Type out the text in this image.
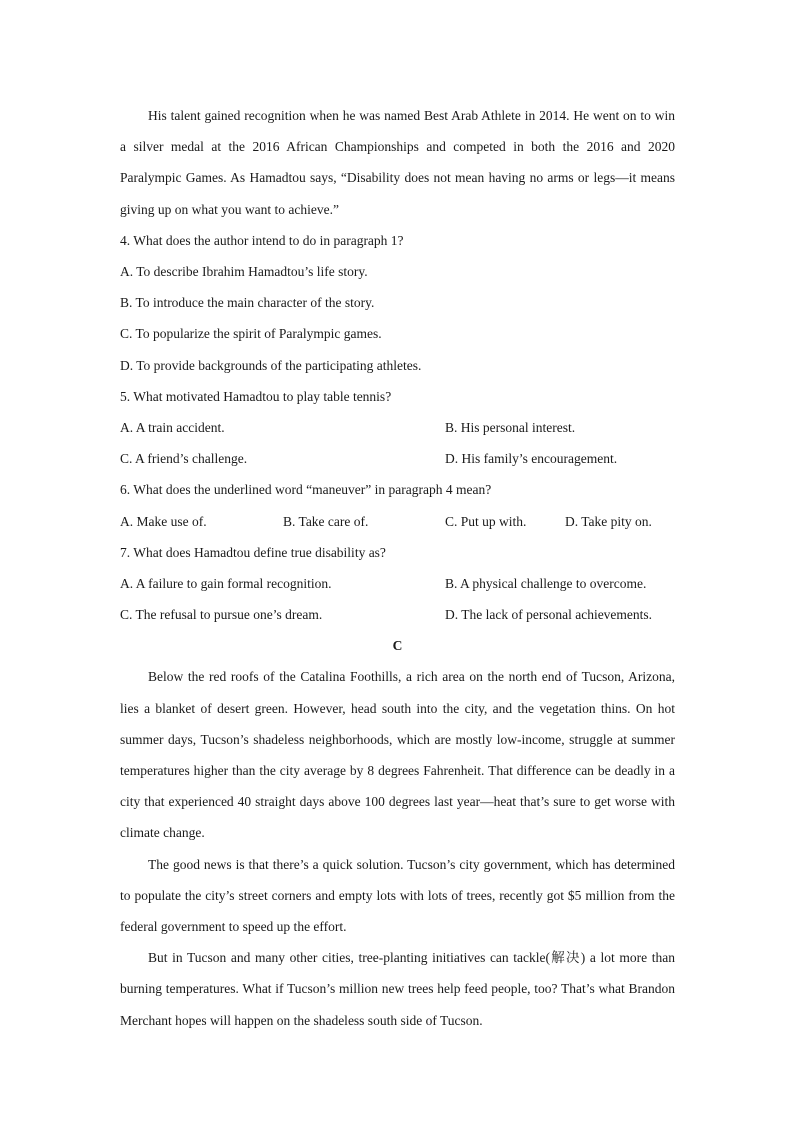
His talent gained recognition when he was named Best Arab Athlete in 2014. He went on to win a silver medal at the 2016 African Championships and competed in both the 2016 and 2020 Paralympic Games. As Hamadtou says, “Disability does not mean having no arms or legs—it means giving up on what you want to achieve.”

4. What does the author intend to do in paragraph 1?
A. To describe Ibrahim Hamadtou’s life story.
B. To introduce the main character of the story.
C. To popularize the spirit of Paralympic games.
D. To provide backgrounds of the participating athletes.
5. What motivated Hamadtou to play table tennis?
A. A train accident.	B. His personal interest.
C. A friend’s challenge.	D. His family’s encouragement.
6. What does the underlined word “maneuver” in paragraph 4 mean?
A. Make use of.	B. Take care of.	C. Put up with.	D. Take pity on.
7. What does Hamadtou define true disability as?
A. A failure to gain formal recognition.	B. A physical challenge to overcome.
C. The refusal to pursue one’s dream.	D. The lack of personal achievements.
C

Below the red roofs of the Catalina Foothills, a rich area on the north end of Tucson, Arizona, lies a blanket of desert green. However, head south into the city, and the vegetation thins. On hot summer days, Tucson’s shadeless neighborhoods, which are mostly low-income, struggle at summer temperatures higher than the city average by 8 degrees Fahrenheit. That difference can be deadly in a city that experienced 40 straight days above 100 degrees last year—heat that’s sure to get worse with climate change.

The good news is that there’s a quick solution. Tucson’s city government, which has determined to populate the city’s street corners and empty lots with lots of trees, recently got $5 million from the federal government to speed up the effort.

But in Tucson and many other cities, tree-planting initiatives can tackle(解决) a lot more than burning temperatures. What if Tucson’s million new trees help feed people, too? That’s what Brandon Merchant hopes will happen on the shadeless south side of Tucson.
